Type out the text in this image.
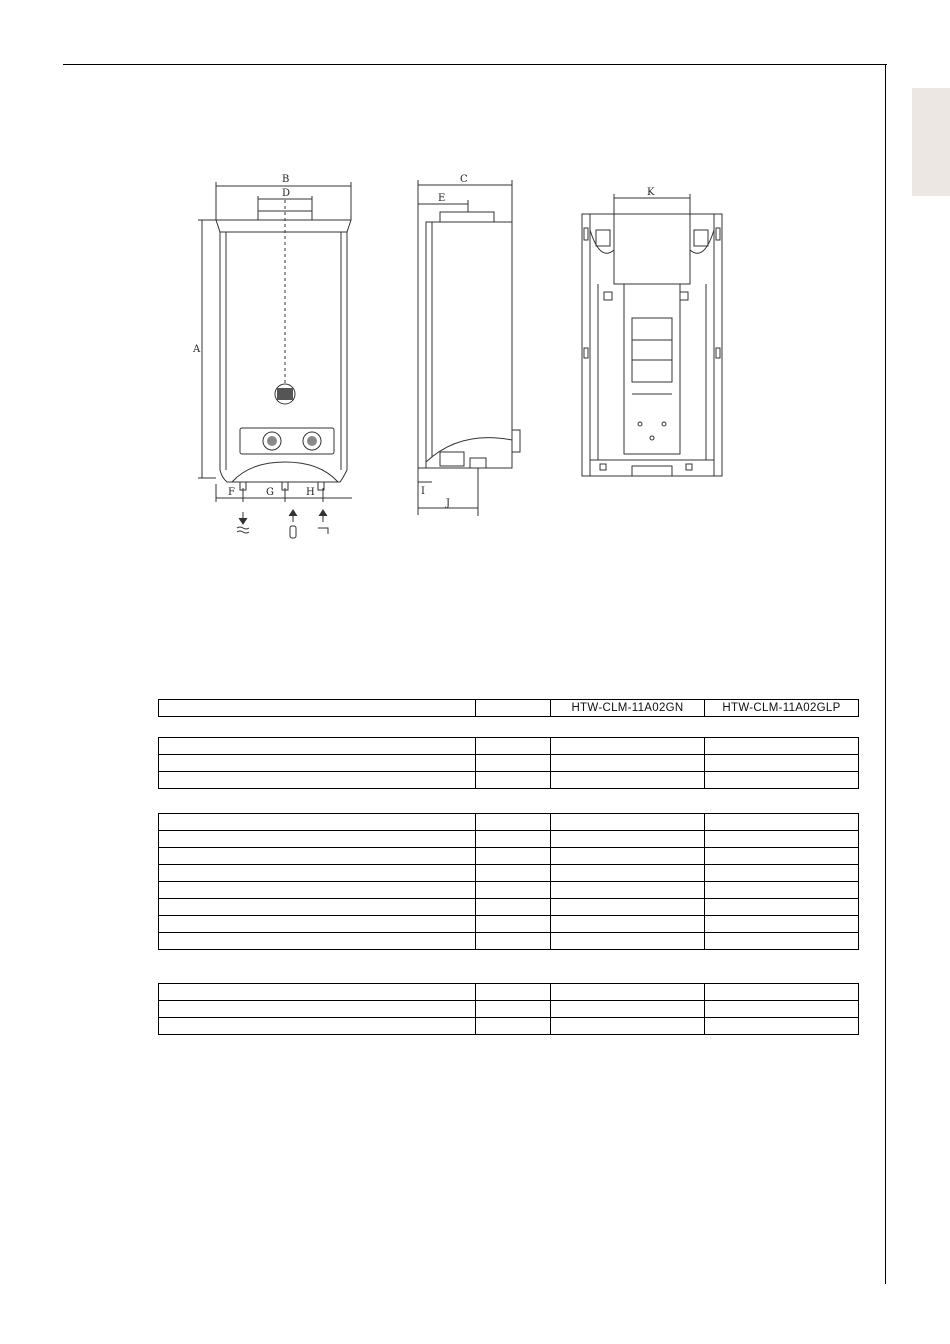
B
D
A
F	G	H
C
E
I
J
K
		HTW-CLM-11A02GN	HTW-CLM-11A02GLP
